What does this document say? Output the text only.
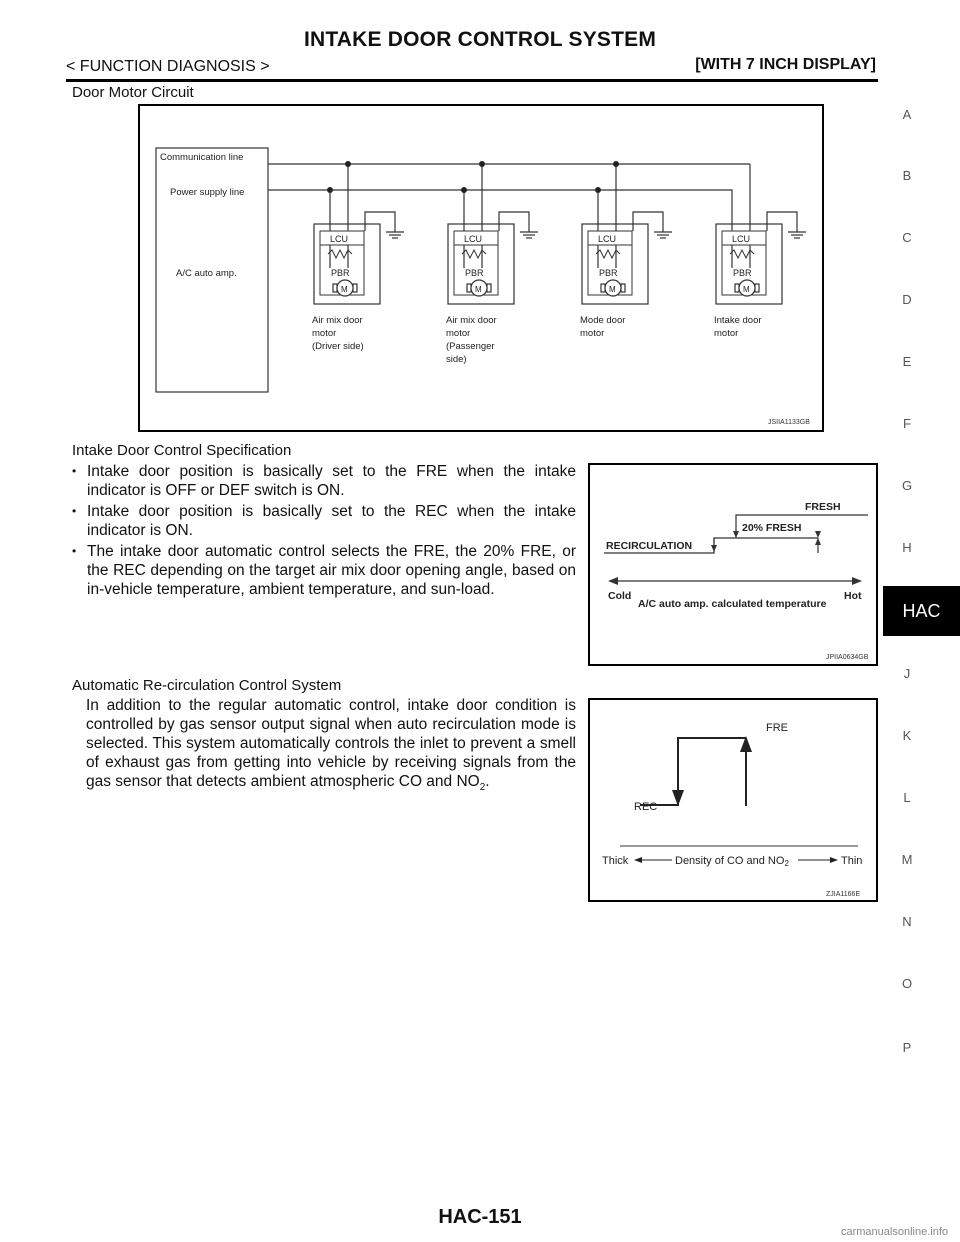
INTAKE DOOR CONTROL SYSTEM
< FUNCTION DIAGNOSIS >	[WITH 7 INCH DISPLAY]
Door Motor Circuit
Communication line
Power supply line
A/C auto amp.
LCU
PBR
M
LCU
PBR
M
LCU
PBR
M
LCU
PBR
M
Air mix door
motor
(Driver side)
Air mix door
motor
(Passenger
side)
Mode door
motor
Intake door
motor
JSIIA1133GB
Intake Door Control Specification
• Intake door position is basically set to the FRE when the intake indicator is OFF or DEF switch is ON.
• Intake door position is basically set to the REC when the intake indicator is ON.
• The intake door automatic control selects the FRE, the 20% FRE, or the REC depending on the target air mix door opening angle, based on in-vehicle temperature, ambient temperature, and sun-load.
FRESH
20% FRESH
RECIRCULATION
Cold	Hot
A/C auto amp. calculated temperature
JPIIA0634GB
Automatic Re-circulation Control System
In addition to the regular automatic control, intake door condition is controlled by gas sensor output signal when auto recirculation mode is selected. This system automatically controls the inlet to prevent a smell of exhaust gas from getting into vehicle by receiving signals from the gas sensor that detects ambient atmospheric CO and $NO_2$.
FRE
REC
Thick	Density of CO and NO2	Thin
ZJIA1166E
A
B
C
D
E
F
G
H
HAC
J
K
L
M
N
O
P
HAC-151
carmanualsonline.info
